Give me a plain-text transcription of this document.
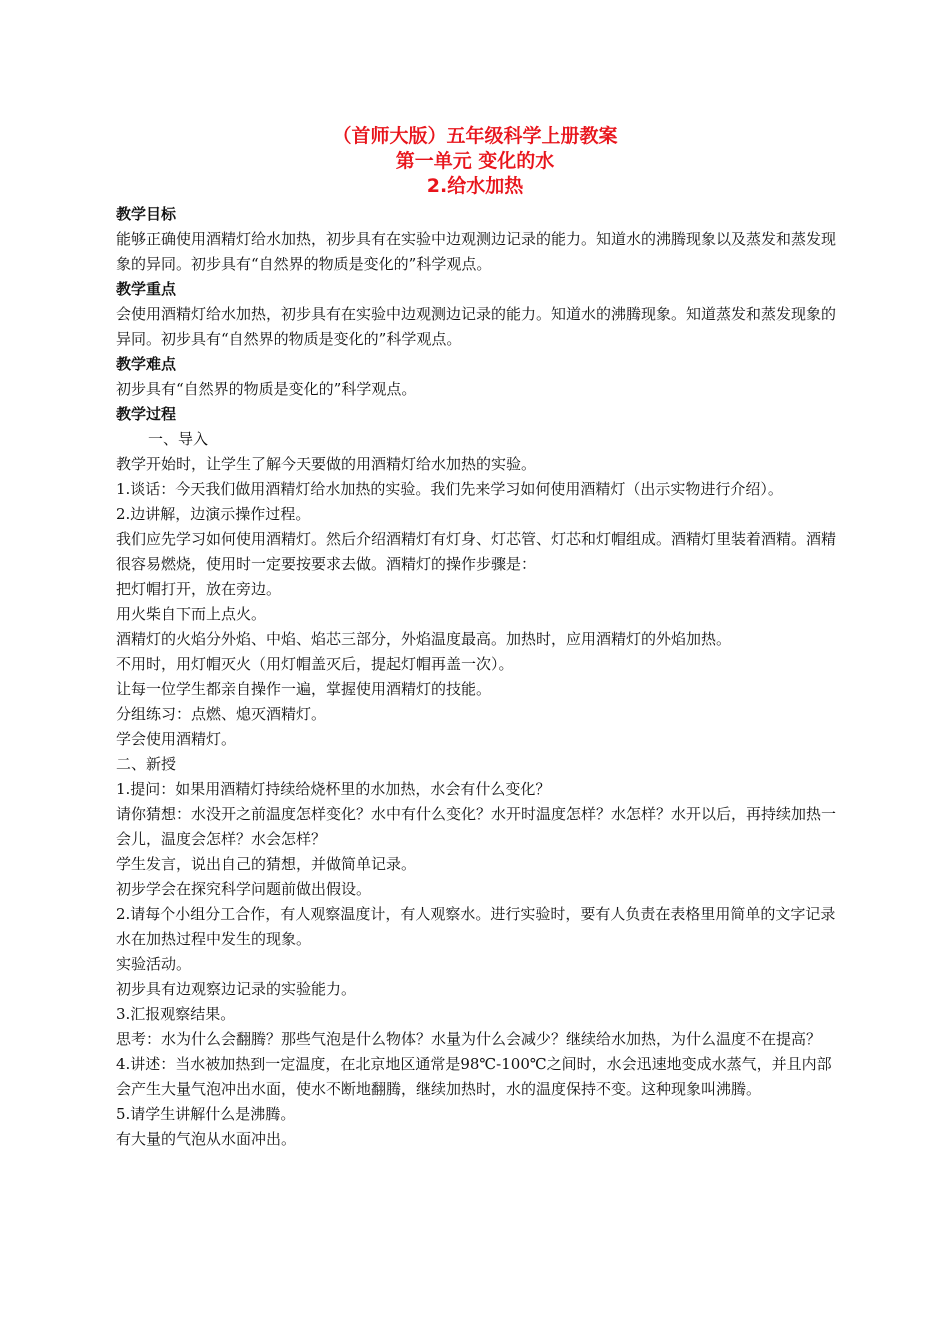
（首师大版）五年级科学上册教案
第一单元 变化的水
2.给水加热

教学目标

能够正确使用酒精灯给水加热，初步具有在实验中边观测边记录的能力。知道水的沸腾现象以及蒸发和蒸发现象的异同。初步具有“自然界的物质是变化的”科学观点。

教学重点

会使用酒精灯给水加热，初步具有在实验中边观测边记录的能力。知道水的沸腾现象。知道蒸发和蒸发现象的异同。初步具有“自然界的物质是变化的”科学观点。

教学难点

初步具有“自然界的物质是变化的”科学观点。

教学过程

一、导入

教学开始时，让学生了解今天要做的用酒精灯给水加热的实验。

1.谈话：今天我们做用酒精灯给水加热的实验。我们先来学习如何使用酒精灯（出示实物进行介绍）。

2.边讲解，边演示操作过程。

我们应先学习如何使用酒精灯。然后介绍酒精灯有灯身、灯芯管、灯芯和灯帽组成。酒精灯里装着酒精。酒精很容易燃烧，使用时一定要按要求去做。酒精灯的操作步骤是：

把灯帽打开，放在旁边。

用火柴自下而上点火。

酒精灯的火焰分外焰、中焰、焰芯三部分，外焰温度最高。加热时，应用酒精灯的外焰加热。

不用时，用灯帽灭火（用灯帽盖灭后，提起灯帽再盖一次）。

让每一位学生都亲自操作一遍，掌握使用酒精灯的技能。

分组练习：点燃、熄灭酒精灯。

学会使用酒精灯。

二、新授

1.提问：如果用酒精灯持续给烧杯里的水加热，水会有什么变化？

请你猜想：水没开之前温度怎样变化？水中有什么变化？水开时温度怎样？水怎样？水开以后，再持续加热一会儿，温度会怎样？水会怎样？

学生发言，说出自己的猜想，并做简单记录。

初步学会在探究科学问题前做出假设。

2.请每个小组分工合作，有人观察温度计，有人观察水。进行实验时，要有人负责在表格里用简单的文字记录水在加热过程中发生的现象。

实验活动。

初步具有边观察边记录的实验能力。

3.汇报观察结果。

思考：水为什么会翻腾？那些气泡是什么物体？水量为什么会减少？继续给水加热，为什么温度不在提高？

4.讲述：当水被加热到一定温度，在北京地区通常是98℃-100℃之间时，水会迅速地变成水蒸气，并且内部会产生大量气泡冲出水面，使水不断地翻腾，继续加热时，水的温度保持不变。这种现象叫沸腾。

5.请学生讲解什么是沸腾。

有大量的气泡从水面冲出。
